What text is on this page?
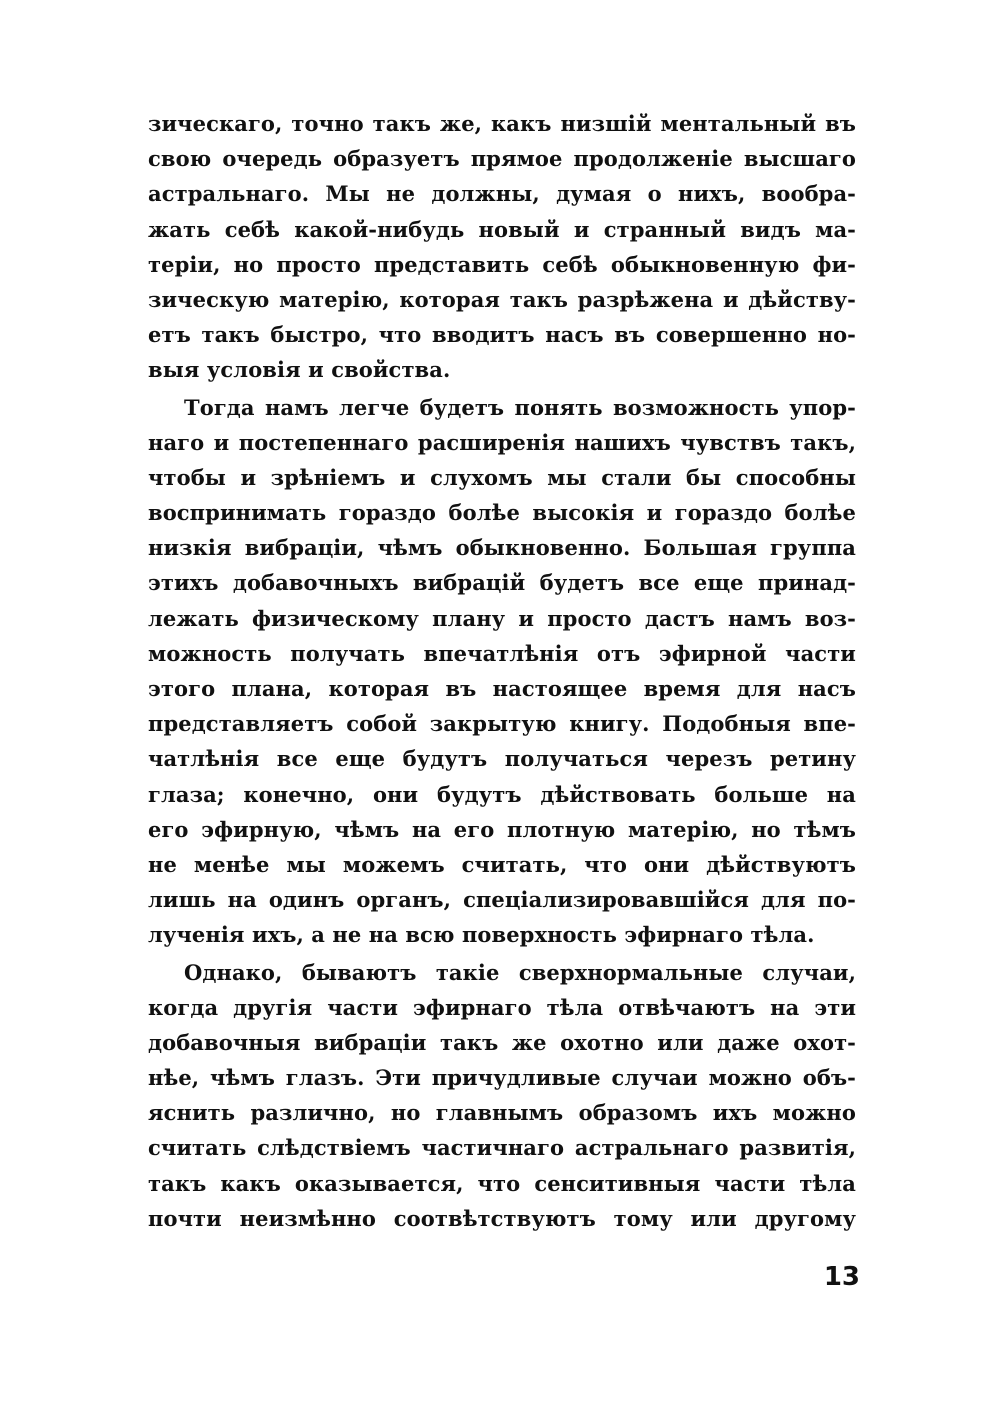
зическаго, точно такъ же, какъ низшій ментальный въ
свою очередь образуетъ прямое продолженіе высшаго
астральнаго. Мы не должны, думая о нихъ, вообра-
жать себѣ какой-нибудь новый и странный видъ ма-
теріи, но просто представить себѣ обыкновенную фи-
зическую матерію, которая такъ разрѣжена и дѣйству-
етъ такъ быстро, что вводитъ насъ въ совершенно но-
выя условія и свойства.
Тогда намъ легче будетъ понять возможность упор-
наго и постепеннаго расширенія нашихъ чувствъ такъ,
чтобы и зрѣніемъ и слухомъ мы стали бы способны
воспринимать гораздо болѣе высокія и гораздо болѣе
низкія вибраціи, чѣмъ обыкновенно. Большая группа
этихъ добавочныхъ вибрацій будетъ все еще принад-
лежать физическому плану и просто дастъ намъ воз-
можность получать впечатлѣнія отъ эфирной части
этого плана, которая въ настоящее время для насъ
представляетъ собой закрытую книгу. Подобныя впе-
чатлѣнія все еще будутъ получаться черезъ ретину
глаза; конечно, они будутъ дѣйствовать больше на
его эфирную, чѣмъ на его плотную матерію, но тѣмъ
не менѣе мы можемъ считать, что они дѣйствуютъ
лишь на одинъ органъ, спеціализировавшійся для по-
лученія ихъ, а не на всю поверхность эфирнаго тѣла.
Однако, бываютъ такіе сверхнормальные случаи,
когда другія части эфирнаго тѣла отвѣчаютъ на эти
добавочныя вибраціи такъ же охотно или даже охот-
нѣе, чѣмъ глазъ. Эти причудливые случаи можно объ-
яснить различно, но главнымъ образомъ ихъ можно
считать слѣдствіемъ частичнаго астральнаго развитія,
такъ какъ оказывается, что сенситивныя части тѣла
почти неизмѣнно соотвѣтствуютъ тому или другому
13
